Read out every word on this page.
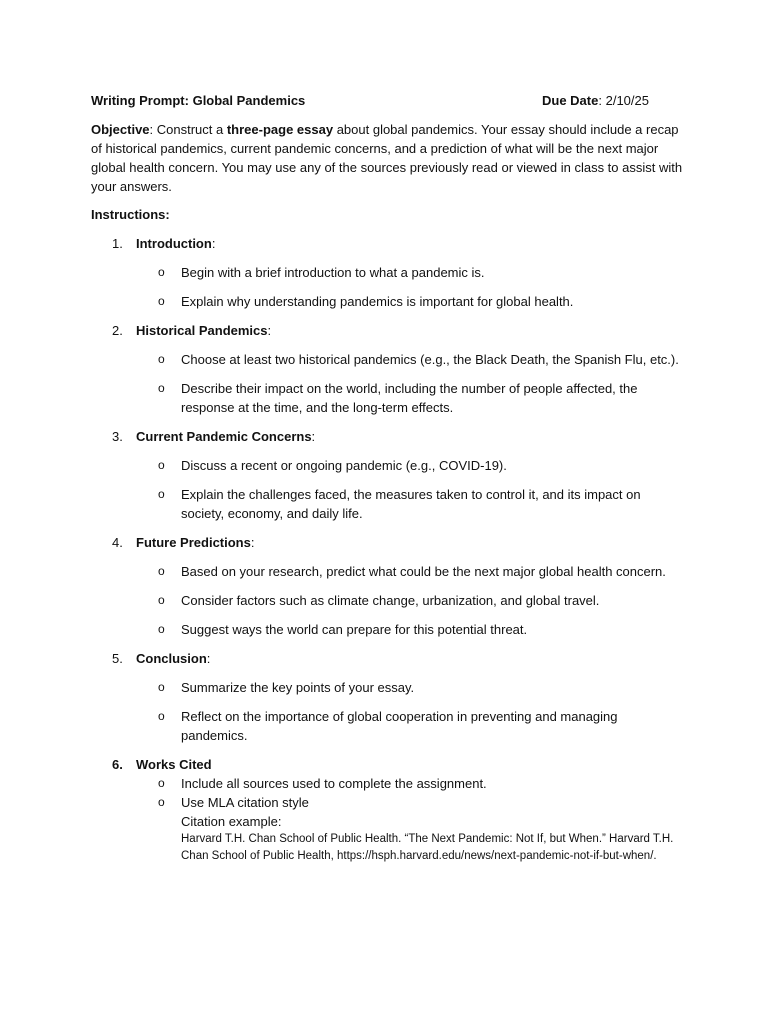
Writing Prompt: Global Pandemics	Due Date: 2/10/25
Objective: Construct a three-page essay about global pandemics. Your essay should include a recap of historical pandemics, current pandemic concerns, and a prediction of what will be the next major global health concern. You may use any of the sources previously read or viewed in class to assist with your answers.
Instructions:
1. Introduction:
o Begin with a brief introduction to what a pandemic is.
o Explain why understanding pandemics is important for global health.
2. Historical Pandemics:
o Choose at least two historical pandemics (e.g., the Black Death, the Spanish Flu, etc.).
o Describe their impact on the world, including the number of people affected, the response at the time, and the long-term effects.
3. Current Pandemic Concerns:
o Discuss a recent or ongoing pandemic (e.g., COVID-19).
o Explain the challenges faced, the measures taken to control it, and its impact on society, economy, and daily life.
4. Future Predictions:
o Based on your research, predict what could be the next major global health concern.
o Consider factors such as climate change, urbanization, and global travel.
o Suggest ways the world can prepare for this potential threat.
5. Conclusion:
o Summarize the key points of your essay.
o Reflect on the importance of global cooperation in preventing and managing pandemics.
6. Works Cited
o Include all sources used to complete the assignment.
o Use MLA citation style
Citation example:
Harvard T.H. Chan School of Public Health. “The Next Pandemic: Not If, but When.” Harvard T.H. Chan School of Public Health, https://hsph.harvard.edu/news/next-pandemic-not-if-but-when/.
